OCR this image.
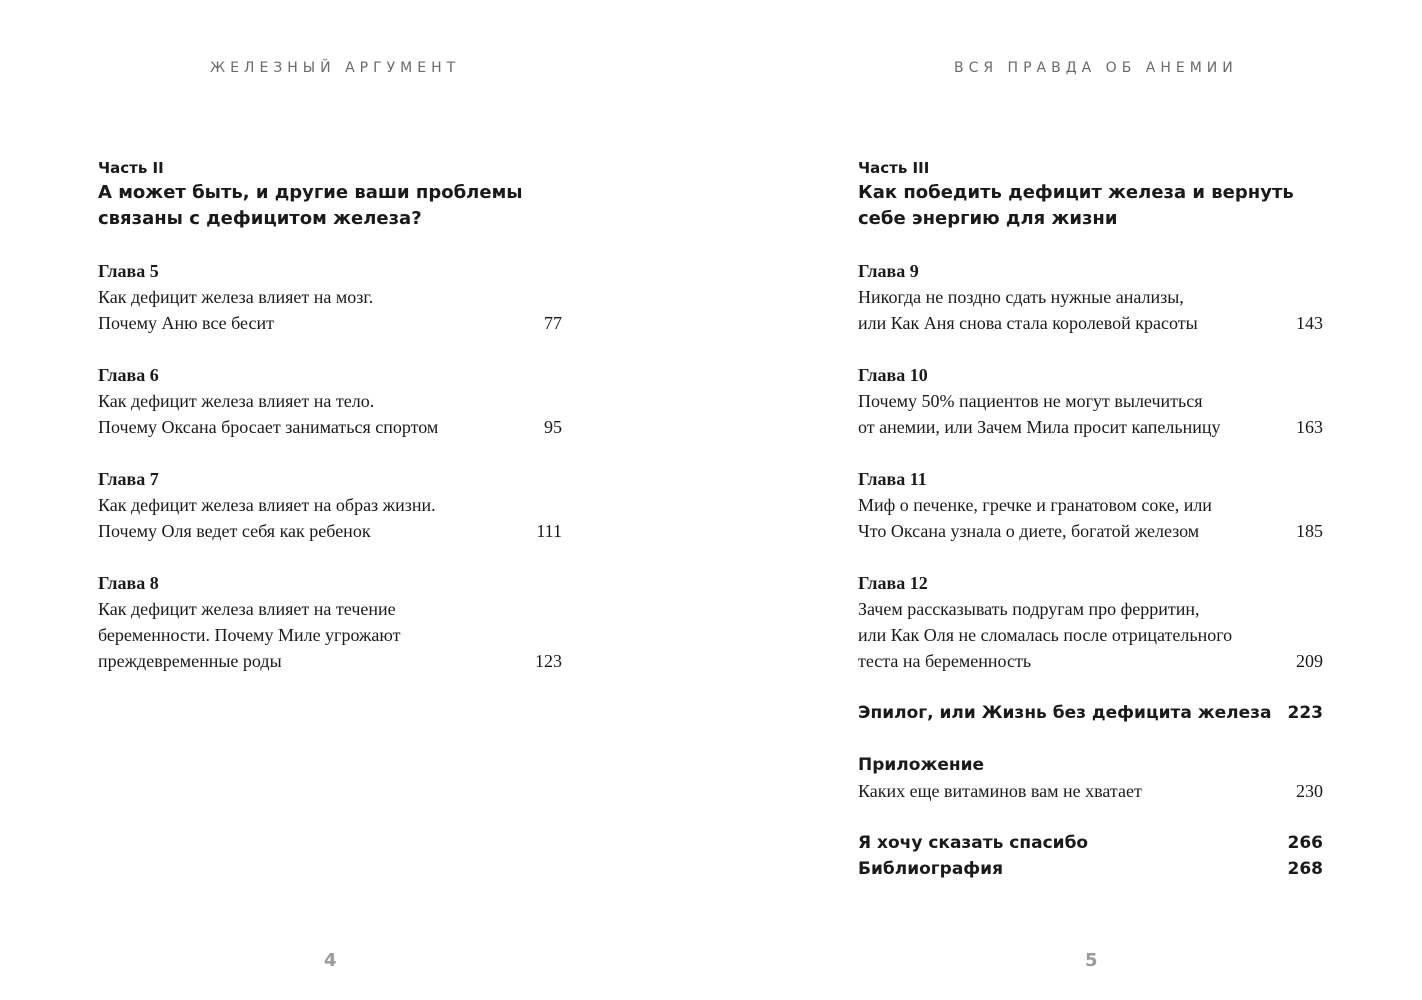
ЖЕЛЕЗНЫЙ АРГУМЕНТ
Часть II
А может быть, и другие ваши проблемы
связаны с дефицитом железа?
Глава 5
Как дефицит железа влияет на мозг.
Почему Аню все бесит	77
Глава 6
Как дефицит железа влияет на тело.
Почему Оксана бросает заниматься спортом	95
Глава 7
Как дефицит железа влияет на образ жизни.
Почему Оля ведет себя как ребенок	111
Глава 8
Как дефицит железа влияет на течение
беременности. Почему Миле угрожают
преждевременные роды	123
4
ВСЯ ПРАВДА ОБ АНЕМИИ
Часть III
Как победить дефицит железа и вернуть
себе энергию для жизни
Глава 9
Никогда не поздно сдать нужные анализы,
или Как Аня снова стала королевой красоты	143
Глава 10
Почему 50% пациентов не могут вылечиться
от анемии, или Зачем Мила просит капельницу	163
Глава 11
Миф о печенке, гречке и гранатовом соке, или
Что Оксана узнала о диете, богатой железом	185
Глава 12
Зачем рассказывать подругам про ферритин,
или Как Оля не сломалась после отрицательного
теста на беременность	209
Эпилог, или Жизнь без дефицита железа 223
Приложение
Каких еще витаминов вам не хватает	230
Я хочу сказать спасибо	266
Библиография	268
5
